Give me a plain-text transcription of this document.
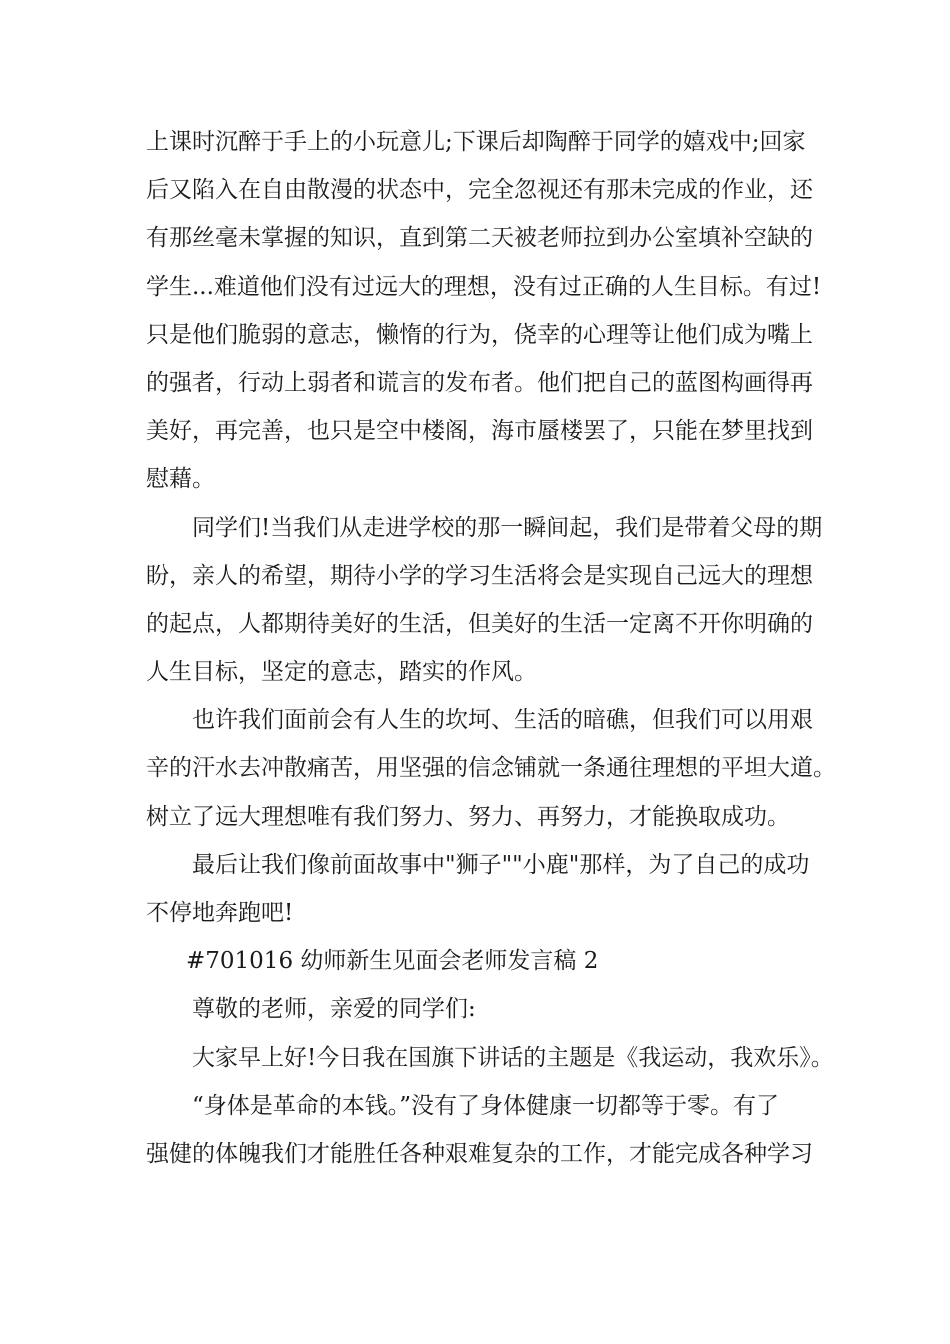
上课时沉醉于手上的小玩意儿;下课后却陶醉于同学的嬉戏中;回家
后又陷入在自由散漫的状态中，完全忽视还有那未完成的作业，还
有那丝毫未掌握的知识，直到第二天被老师拉到办公室填补空缺的
学生...难道他们没有过远大的理想，没有过正确的人生目标。有过!
只是他们脆弱的意志，懒惰的行为，侥幸的心理等让他们成为嘴上
的强者，行动上弱者和谎言的发布者。他们把自己的蓝图构画得再
美好，再完善，也只是空中楼阁，海市蜃楼罢了，只能在梦里找到
慰藉。
同学们!当我们从走进学校的那一瞬间起，我们是带着父母的期
盼，亲人的希望，期待小学的学习生活将会是实现自己远大的理想
的起点，人都期待美好的生活，但美好的生活一定离不开你明确的
人生目标，坚定的意志，踏实的作风。
也许我们面前会有人生的坎坷、生活的暗礁，但我们可以用艰
辛的汗水去冲散痛苦，用坚强的信念铺就一条通往理想的平坦大道。
树立了远大理想唯有我们努力、努力、再努力，才能换取成功。
最后让我们像前面故事中"狮子""小鹿"那样，为了自己的成功
不停地奔跑吧!
#701016 幼师新生见面会老师发言稿 2
尊敬的老师，亲爱的同学们:
大家早上好!今日我在国旗下讲话的主题是《我运动，我欢乐》。
“身体是革命的本钱。”没有了身体健康一切都等于零。有了
强健的体魄我们才能胜任各种艰难复杂的工作，才能完成各种学习
